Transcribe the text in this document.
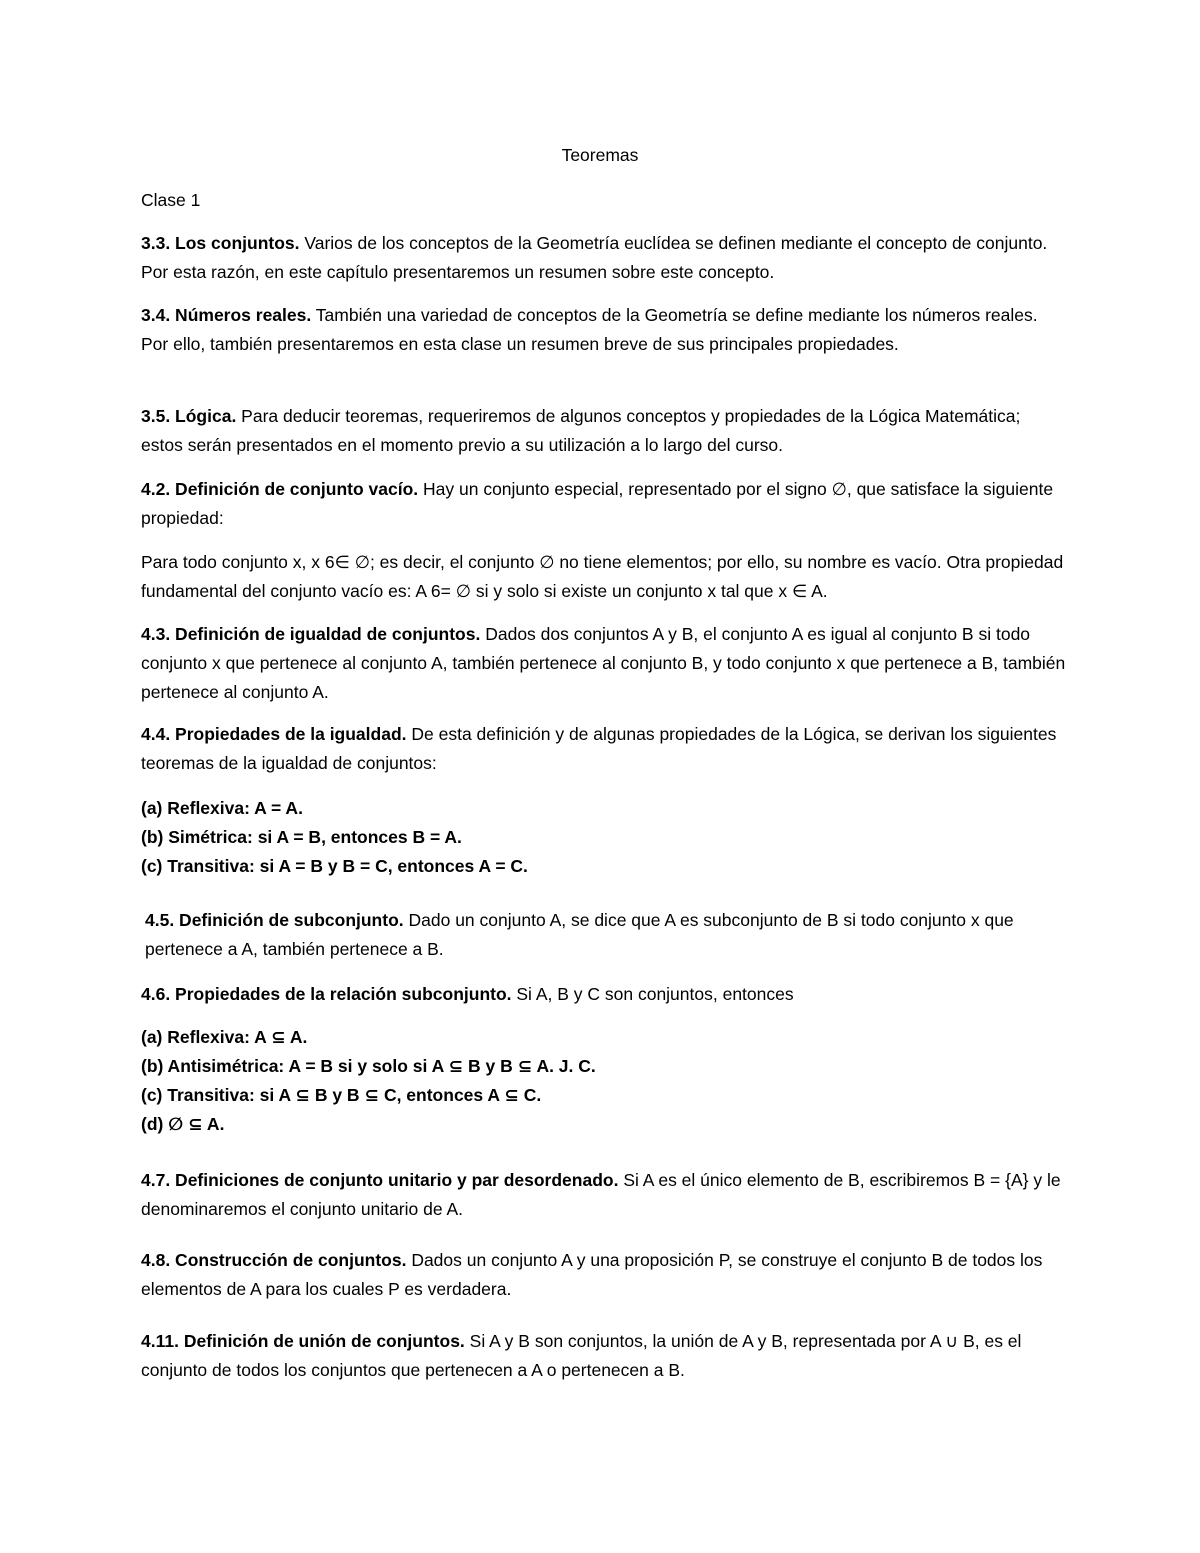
Teoremas
Clase 1

3.3. Los conjuntos. Varios de los conceptos de la Geometría euclídea se definen mediante el concepto de conjunto. Por esta razón, en este capítulo presentaremos un resumen sobre este concepto.

3.4. Números reales. También una variedad de conceptos de la Geometría se define mediante los números reales. Por ello, también presentaremos en esta clase un resumen breve de sus principales propiedades.

3.5. Lógica. Para deducir teoremas, requeriremos de algunos conceptos y propiedades de la Lógica Matemática; estos serán presentados en el momento previo a su utilización a lo largo del curso.

4.2. Definición de conjunto vacío. Hay un conjunto especial, representado por el signo ∅, que satisface la siguiente propiedad:

Para todo conjunto x, x 6∈ ∅; es decir, el conjunto ∅ no tiene elementos; por ello, su nombre es vacío. Otra propiedad fundamental del conjunto vacío es: A 6= ∅ si y solo si existe un conjunto x tal que x ∈ A.

4.3. Definición de igualdad de conjuntos. Dados dos conjuntos A y B, el conjunto A es igual al conjunto B si todo conjunto x que pertenece al conjunto A, también pertenece al conjunto B, y todo conjunto x que pertenece a B, también pertenece al conjunto A.

4.4. Propiedades de la igualdad. De esta definición y de algunas propiedades de la Lógica, se derivan los siguientes teoremas de la igualdad de conjuntos:

(a) Reflexiva: A = A.
(b) Simétrica: si A = B, entonces B = A.
(c) Transitiva: si A = B y B = C, entonces A = C.

4.5. Definición de subconjunto. Dado un conjunto A, se dice que A es subconjunto de B si todo conjunto x que pertenece a A, también pertenece a B.

4.6. Propiedades de la relación subconjunto. Si A, B y C son conjuntos, entonces

(a) Reflexiva: A ⊆ A.
(b) Antisimétrica: A = B si y solo si A ⊆ B y B ⊆ A. J. C.
(c) Transitiva: si A ⊆ B y B ⊆ C, entonces A ⊆ C.
(d) ∅ ⊆ A.

4.7. Definiciones de conjunto unitario y par desordenado. Si A es el único elemento de B, escribiremos B = {A} y le denominaremos el conjunto unitario de A.

4.8. Construcción de conjuntos. Dados un conjunto A y una proposición P, se construye el conjunto B de todos los elementos de A para los cuales P es verdadera.

4.11. Definición de unión de conjuntos. Si A y B son conjuntos, la unión de A y B, representada por A ∪ B, es el conjunto de todos los conjuntos que pertenecen a A o pertenecen a B.
